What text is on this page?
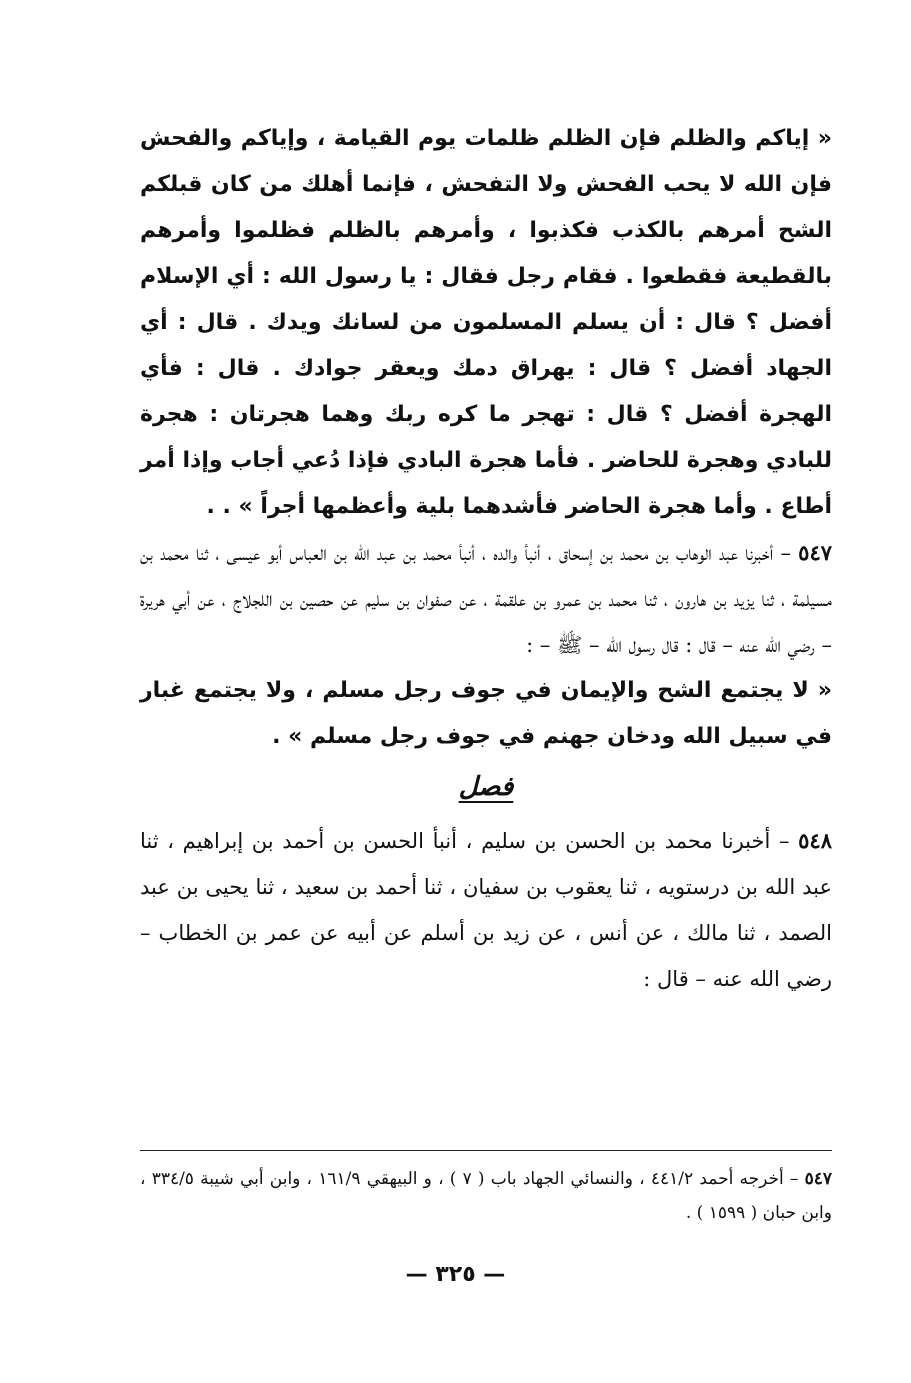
« إياكم والظلم فإن الظلم ظلمات يوم القيامة ، وإياكم والفحش فإن الله لا يحب الفحش ولا التفحش ، فإنما أهلك من كان قبلكم الشح أمرهم بالكذب فكذبوا ، وأمرهم بالظلم فظلموا وأمرهم بالقطيعة فقطعوا . فقام رجل فقال : يا رسول الله : أي الإسلام أفضل ؟ قال : أن يسلم المسلمون من لسانك ويدك . قال : أي الجهاد أفضل ؟ قال : يهراق دمك ويعقر جوادك . قال : فأي الهجرة أفضل ؟ قال : تهجر ما كره ربك وهما هجرتان : هجرة للبادي وهجرة للحاضر . فأما هجرة البادي فإذا دُعي أجاب وإذا أمر أطاع . وأما هجرة الحاضر فأشدهما بلية وأعظمها أجراً » . .

٥٤٧ – أخبرنا عبد الوهاب بن محمد بن إسحاق ، أنبأ والده ، أنبأ محمد بن عبد الله بن العباس أبو عيسى ، ثنا محمد بن مسيلمة ، ثنا يزيد بن هارون ، ثنا محمد بن عمرو بن علقمة ، عن صفوان بن سليم عن حصين بن اللجلاج ، عن أبي هريرة – رضي الله عنه – قال : قال رسول الله – ﷺ – :

« لا يجتمع الشح والإيمان في جوف رجل مسلم ، ولا يجتمع غبار في سبيل الله ودخان جهنم في جوف رجل مسلم » .

فصل

٥٤٨ – أخبرنا محمد بن الحسن بن سليم ، أنبأ الحسن بن أحمد بن إبراهيم ، ثنا عبد الله بن درستويه ، ثنا يعقوب بن سفيان ، ثنا أحمد بن سعيد ، ثنا يحيى بن عبد الصمد ، ثنا مالك ، عن أنس ، عن زيد بن أسلم عن أبيه عن عمر بن الخطاب – رضي الله عنه – قال :

٥٤٧ – أخرجه أحمد ٤٤١/٢ ، والنسائي الجهاد باب ( ٧ ) ، و البيهقي ١٦١/٩ ، وابن أبي شيبة ٣٣٤/٥ ، وابن حبان ( ١٥٩٩ ) .

— ٣٢٥ —
